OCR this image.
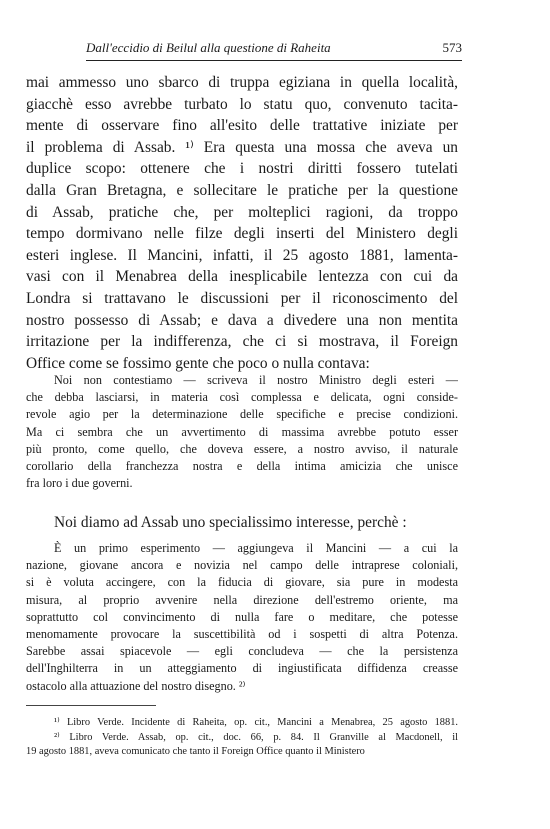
Dall'eccidio di Beilul alla questione di Raheita	573
mai ammesso uno sbarco di truppa egiziana in quella località,
giacchè esso avrebbe turbato lo statu quo, convenuto tacita-
mente di osservare fino all'esito delle trattative iniziate per
il problema di Assab. ¹⁾ Era questa una mossa che aveva un
duplice scopo: ottenere che i nostri diritti fossero tutelati
dalla Gran Bretagna, e sollecitare le pratiche per la questione
di Assab, pratiche che, per molteplici ragioni, da troppo
tempo dormivano nelle filze degli inserti del Ministero degli
esteri inglese. Il Mancini, infatti, il 25 agosto 1881, lamenta-
vasi con il Menabrea della inesplicabile lentezza con cui da
Londra si trattavano le discussioni per il riconoscimento del
nostro possesso di Assab; e dava a divedere una non mentita
irritazione per la indifferenza, che ci si mostrava, il Foreign
Office come se fossimo gente che poco o nulla contava:
Noi non contestiamo — scriveva il nostro Ministro degli esteri —
che debba lasciarsi, in materia così complessa e delicata, ogni conside-
revole agio per la determinazione delle specifiche e precise condizioni.
Ma ci sembra che un avvertimento di massima avrebbe potuto esser
più pronto, come quello, che doveva essere, a nostro avviso, il naturale
corollario della franchezza nostra e della intima amicizia che unisce
fra loro i due governi.
Noi diamo ad Assab uno specialissimo interesse, perchè :
È un primo esperimento — aggiungeva il Mancini — a cui la
nazione, giovane ancora e novizia nel campo delle intraprese coloniali,
si è voluta accingere, con la fiducia di giovare, sia pure in modesta
misura, al proprio avvenire nella direzione dell'estremo oriente, ma
soprattutto col convincimento di nulla fare o meditare, che potesse
menomamente provocare la suscettibilità od i sospetti di altra Potenza.
Sarebbe assai spiacevole — egli concludeva — che la persistenza
dell'Inghilterra in un atteggiamento di ingiustificata diffidenza creasse
ostacolo alla attuazione del nostro disegno. ²⁾
¹⁾ Libro Verde. Incidente di Raheita, op. cit., Mancini a Menabrea, 25 agosto 1881.
²⁾ Libro Verde. Assab, op. cit., doc. 66, p. 84. Il Granville al Macdonell, il
19 agosto 1881, aveva comunicato che tanto il Foreign Office quanto il Ministero
